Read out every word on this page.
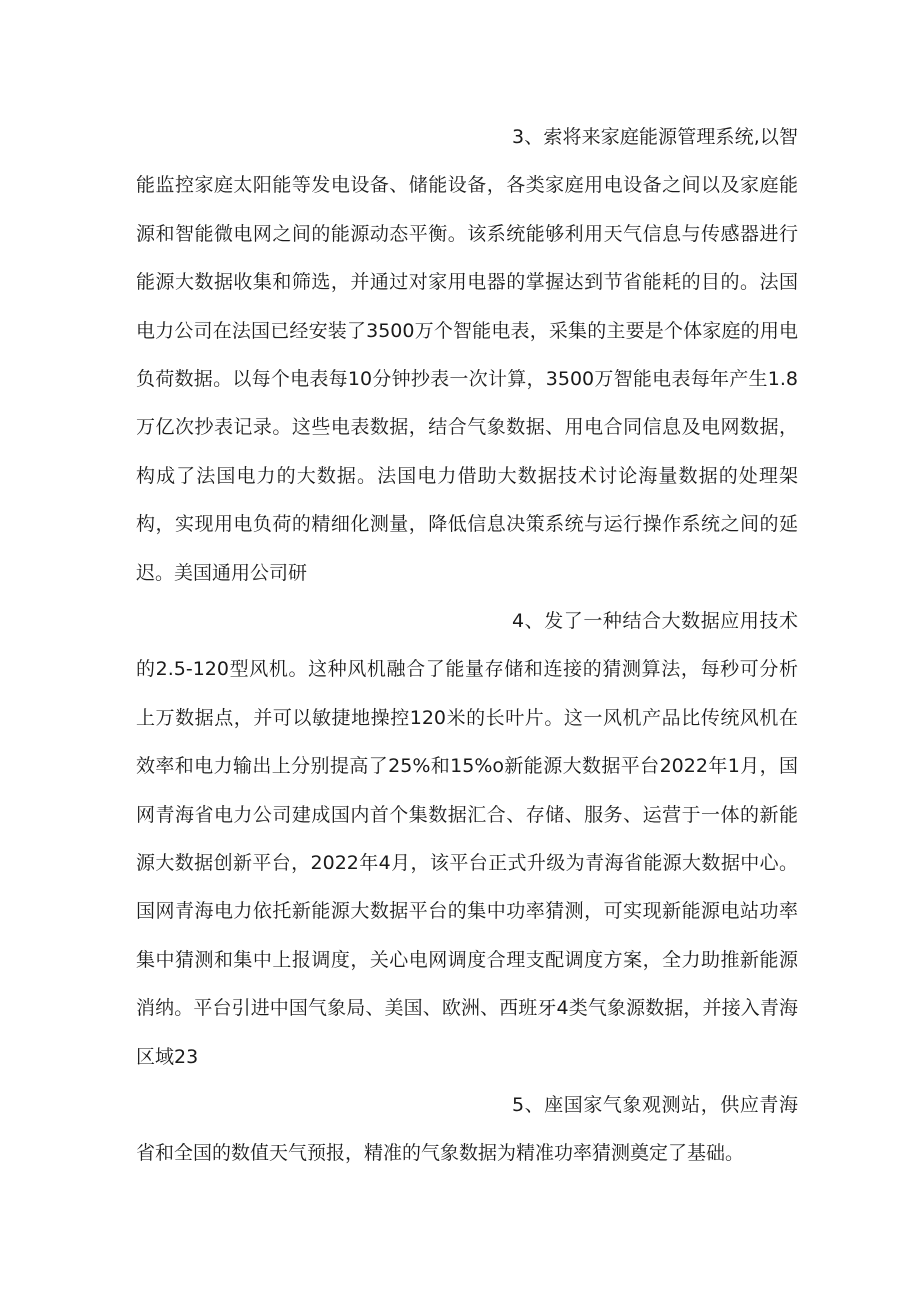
3、索将来家庭能源管理系统,以智能监控家庭太阳能等发电设备、储能设备，各类家庭用电设备之间以及家庭能源和智能微电网之间的能源动态平衡。该系统能够利用天气信息与传感器进行能源大数据收集和筛选，并通过对家用电器的掌握达到节省能耗的目的。法国电力公司在法国已经安装了3500万个智能电表，采集的主要是个体家庭的用电负荷数据。以每个电表每10分钟抄表一次计算，3500万智能电表每年产生1.8万亿次抄表记录。这些电表数据，结合气象数据、用电合同信息及电网数据，构成了法国电力的大数据。法国电力借助大数据技术讨论海量数据的处理架构，实现用电负荷的精细化测量，降低信息决策系统与运行操作系统之间的延迟。美国通用公司研

4、发了一种结合大数据应用技术的2.5-120型风机。这种风机融合了能量存储和连接的猜测算法，每秒可分析上万数据点，并可以敏捷地操控120米的长叶片。这一风机产品比传统风机在效率和电力输出上分别提高了25%和15%o新能源大数据平台2022年1月，国网青海省电力公司建成国内首个集数据汇合、存储、服务、运营于一体的新能源大数据创新平台，2022年4月，该平台正式升级为青海省能源大数据中心。国网青海电力依托新能源大数据平台的集中功率猜测，可实现新能源电站功率集中猜测和集中上报调度，关心电网调度合理支配调度方案，全力助推新能源消纳。平台引进中国气象局、美国、欧洲、西班牙4类气象源数据，并接入青海区域23

5、座国家气象观测站，供应青海省和全国的数值天气预报，精准的气象数据为精准功率猜测奠定了基础。
